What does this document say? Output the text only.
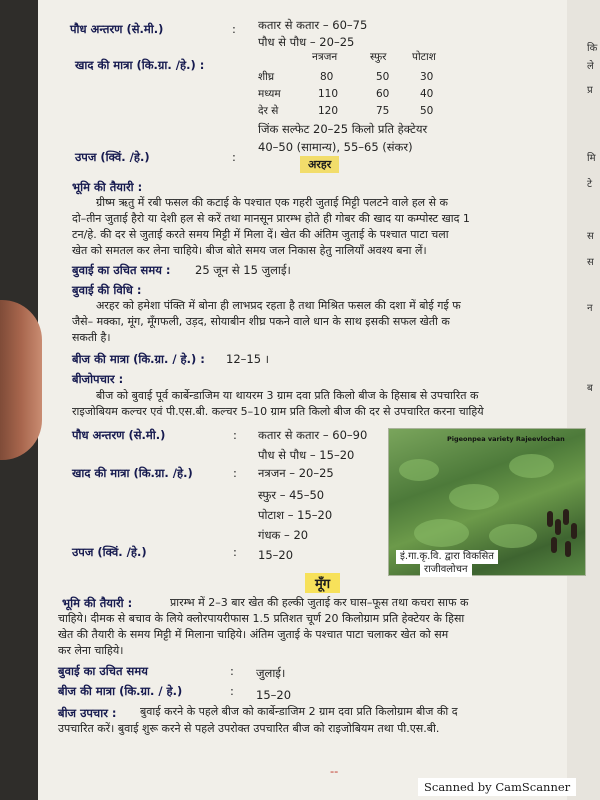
कि
ले
प्र
मि
टे
स
स
न
ब
पौध अन्तरण (से.मी.)	: कतार से कतार – 60–75
पौध से पौध – 20–25
खाद की मात्रा (कि.ग्रा. /हे.) :
नत्रजन	स्फुर पोटाश
शीघ्र	80	50	30
मध्यम	110	60	40
देर से	120	75	50
जिंक सल्फेट 20–25 किलो प्रति हेक्टेयर
उपज (क्विं. /हे.)	:
40–50 (सामान्य), 55–65 (संकर)
अरहर
भूमि की तैयारी :
ग्रीष्म ऋतु में रबी फसल की कटाई के पश्चात एक गहरी जुताई मिट्टी पलटने वाले हल से क
दो–तीन जुताई हैरो या देशी हल से करें तथा मानसून प्रारम्भ होते ही गोबर की खाद या कम्पोस्ट खाद 1
टन/हे. की दर से जुताई करते समय मिट्टी में मिला दें। खेत की अंतिम जुताई के पश्चात पाटा चला
खेत को समतल कर लेना चाहिये। बीज बोते समय जल निकास हेतु नालियाँ अवश्य बना लें।
बुवाई का उचित समय : 25 जून से 15 जुलाई।
बुवाई की विधि :
अरहर को हमेशा पंक्ति में बोना ही लाभप्रद रहता है तथा मिश्रित फसल की दशा में बोई गई फ
जैसे– मक्का, मूंग, मूँगफली, उड़द, सोयाबीन शीघ्र पकने वाले धान के साथ इसकी सफल खेती क
सकती है।
बीज की मात्रा (कि.ग्रा. / हे.) : 12–15 ।
बीजोपचार :
बीज को बुवाई पूर्व कार्बेन्डाजिम या थायरम 3 ग्राम दवा प्रति किलो बीज के हिसाब से उपचारित क
राइजोबियम कल्चर एवं पी.एस.बी. कल्चर 5–10 ग्राम प्रति किलो बीज की दर से उपचारित करना चाहिये
पौध अन्तरण (से.मी.)	: कतार से कतार – 60–90
पौध से पौध – 15–20
खाद की मात्रा (कि.ग्रा. /हे.)	: नत्रजन – 20–25
स्फुर – 45–50
पोटाश – 15–20
गंधक – 20
उपज (क्विं. /हे.)	: 15–20
Pigeonpea variety Rajeevlochan
इं.गा.कृ.वि. द्वारा विकसित
राजीवलोचन
मूँग
भूमि की तैयारी :	प्रारम्भ में 2–3 बार खेत की हल्की जुताई कर घास–फूस तथा कचरा साफ क
चाहिये। दीमक से बचाव के लिये क्लोरपायरीफास 1.5 प्रतिशत चूर्ण 20 किलोग्राम प्रति हेक्टेयर के हिसा
खेत की तैयारी के समय मिट्टी में मिलाना चाहिये। अंतिम जुताई के पश्चात पाटा चलाकर खेत को सम
कर लेना चाहिये।
बुवाई का उचित समय	: जुलाई।
बीज की मात्रा (कि.ग्रा. / हे.)	: 15–20
बीज उपचार : बुवाई करने के पहले बीज को कार्बेन्डाजिम 2 ग्राम दवा प्रति किलोग्राम बीज की द
उपचारित करें। बुवाई शुरू करने से पहले उपरोक्त उपचारित बीज को राइजोबियम तथा पी.एस.बी.
--
Scanned by CamScanner
